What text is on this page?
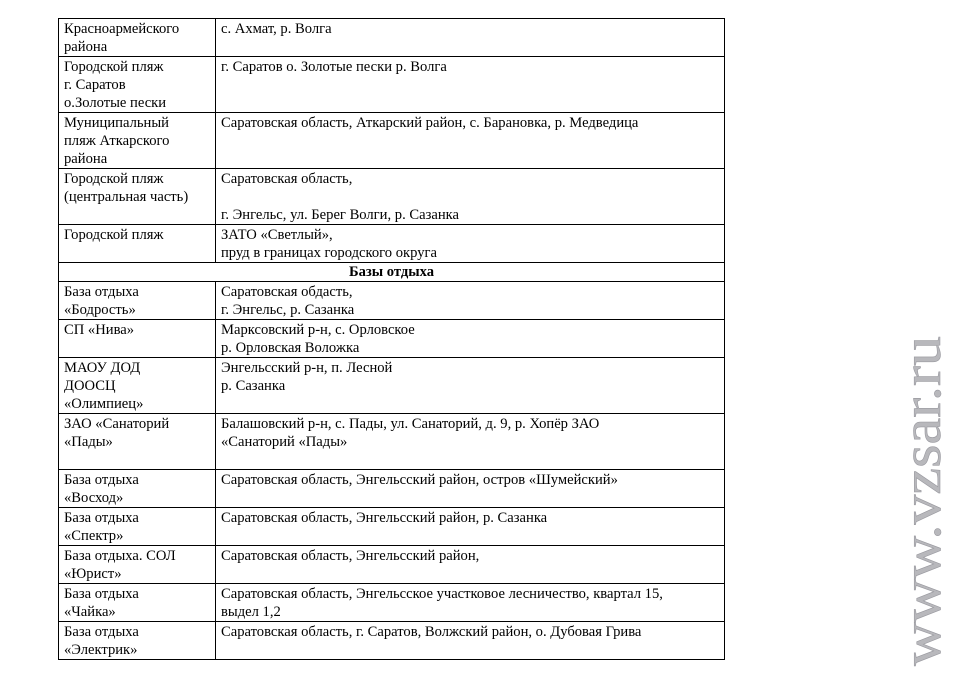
Красноармейского
района	с. Ахмат, р. Волга

Городской пляж
г. Саратов
о.Золотые пески	г. Саратов о. Золотые пески р. Волга

Муниципальный
пляж Аткарского
района	Саратовская область, Аткарский район, с. Барановка, р. Медведица

Городской пляж
(центральная часть)	Саратовская область,
г. Энгельс, ул. Берег Волги, р. Сазанка

Городской пляж	ЗАТО «Светлый»,
пруд в границах городского округа

Базы отдыха	

База отдыха
«Бодрость»	Саратовская обдасть,
г. Энгельс, р. Сазанка

СП «Нива»	Марксовский р-н, с. Орловское
р. Орловская Воложка

МАОУ ДОД
ДООСЦ
«Олимпиец»	Энгельсский р-н, п. Лесной
р. Сазанка

ЗАО «Санаторий
«Пады»	Балашовский р-н, с. Пады, ул. Санаторий, д. 9, р. Хопёр ЗАО
«Санаторий «Пады»

База отдыха
«Восход»	Саратовская область, Энгельсский район, остров «Шумейский»

База отдыха
«Спектр»	Саратовская область, Энгельсский район, р. Сазанка

База отдыха. СОЛ
«Юрист»	Саратовская область, Энгельсский район,

База отдыха
«Чайка»	Саратовская область, Энгельсское участковое лесничество, квартал 15,
выдел 1,2

База отдыха
«Электрик»	Саратовская область, г. Саратов, Волжский район, о. Дубовая Грива	www.vzsar.ru
